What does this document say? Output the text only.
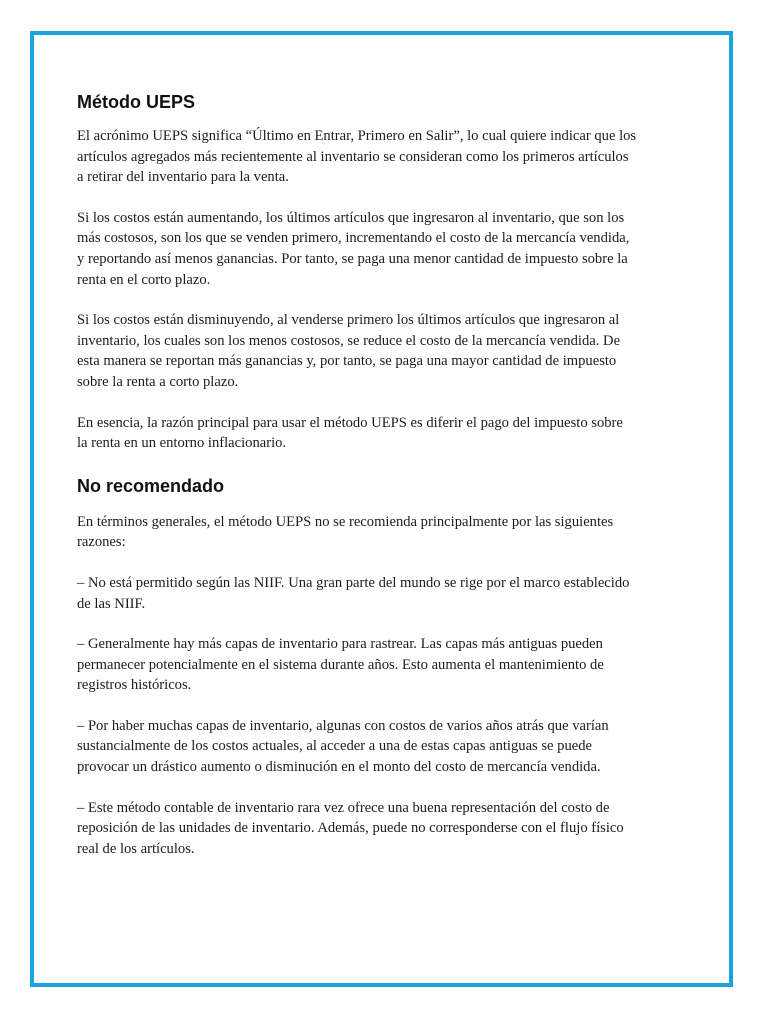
Método UEPS

El acrónimo UEPS significa “Último en Entrar, Primero en Salir”, lo cual quiere indicar que los artículos agregados más recientemente al inventario se consideran como los primeros artículos a retirar del inventario para la venta.

Si los costos están aumentando, los últimos artículos que ingresaron al inventario, que son los más costosos, son los que se venden primero, incrementando el costo de la mercancía vendida, y reportando así menos ganancias. Por tanto, se paga una menor cantidad de impuesto sobre la renta en el corto plazo.

Si los costos están disminuyendo, al venderse primero los últimos artículos que ingresaron al inventario, los cuales son los menos costosos, se reduce el costo de la mercancía vendida. De esta manera se reportan más ganancias y, por tanto, se paga una mayor cantidad de impuesto sobre la renta a corto plazo.

En esencia, la razón principal para usar el método UEPS es diferir el pago del impuesto sobre la renta en un entorno inflacionario.

No recomendado

En términos generales, el método UEPS no se recomienda principalmente por las siguientes razones:

– No está permitido según las NIIF. Una gran parte del mundo se rige por el marco establecido de las NIIF.

– Generalmente hay más capas de inventario para rastrear. Las capas más antiguas pueden permanecer potencialmente en el sistema durante años. Esto aumenta el mantenimiento de registros históricos.

– Por haber muchas capas de inventario, algunas con costos de varios años atrás que varían sustancialmente de los costos actuales, al acceder a una de estas capas antiguas se puede provocar un drástico aumento o disminución en el monto del costo de mercancía vendida.

– Este método contable de inventario rara vez ofrece una buena representación del costo de reposición de las unidades de inventario. Además, puede no corresponderse con el flujo físico real de los artículos.
